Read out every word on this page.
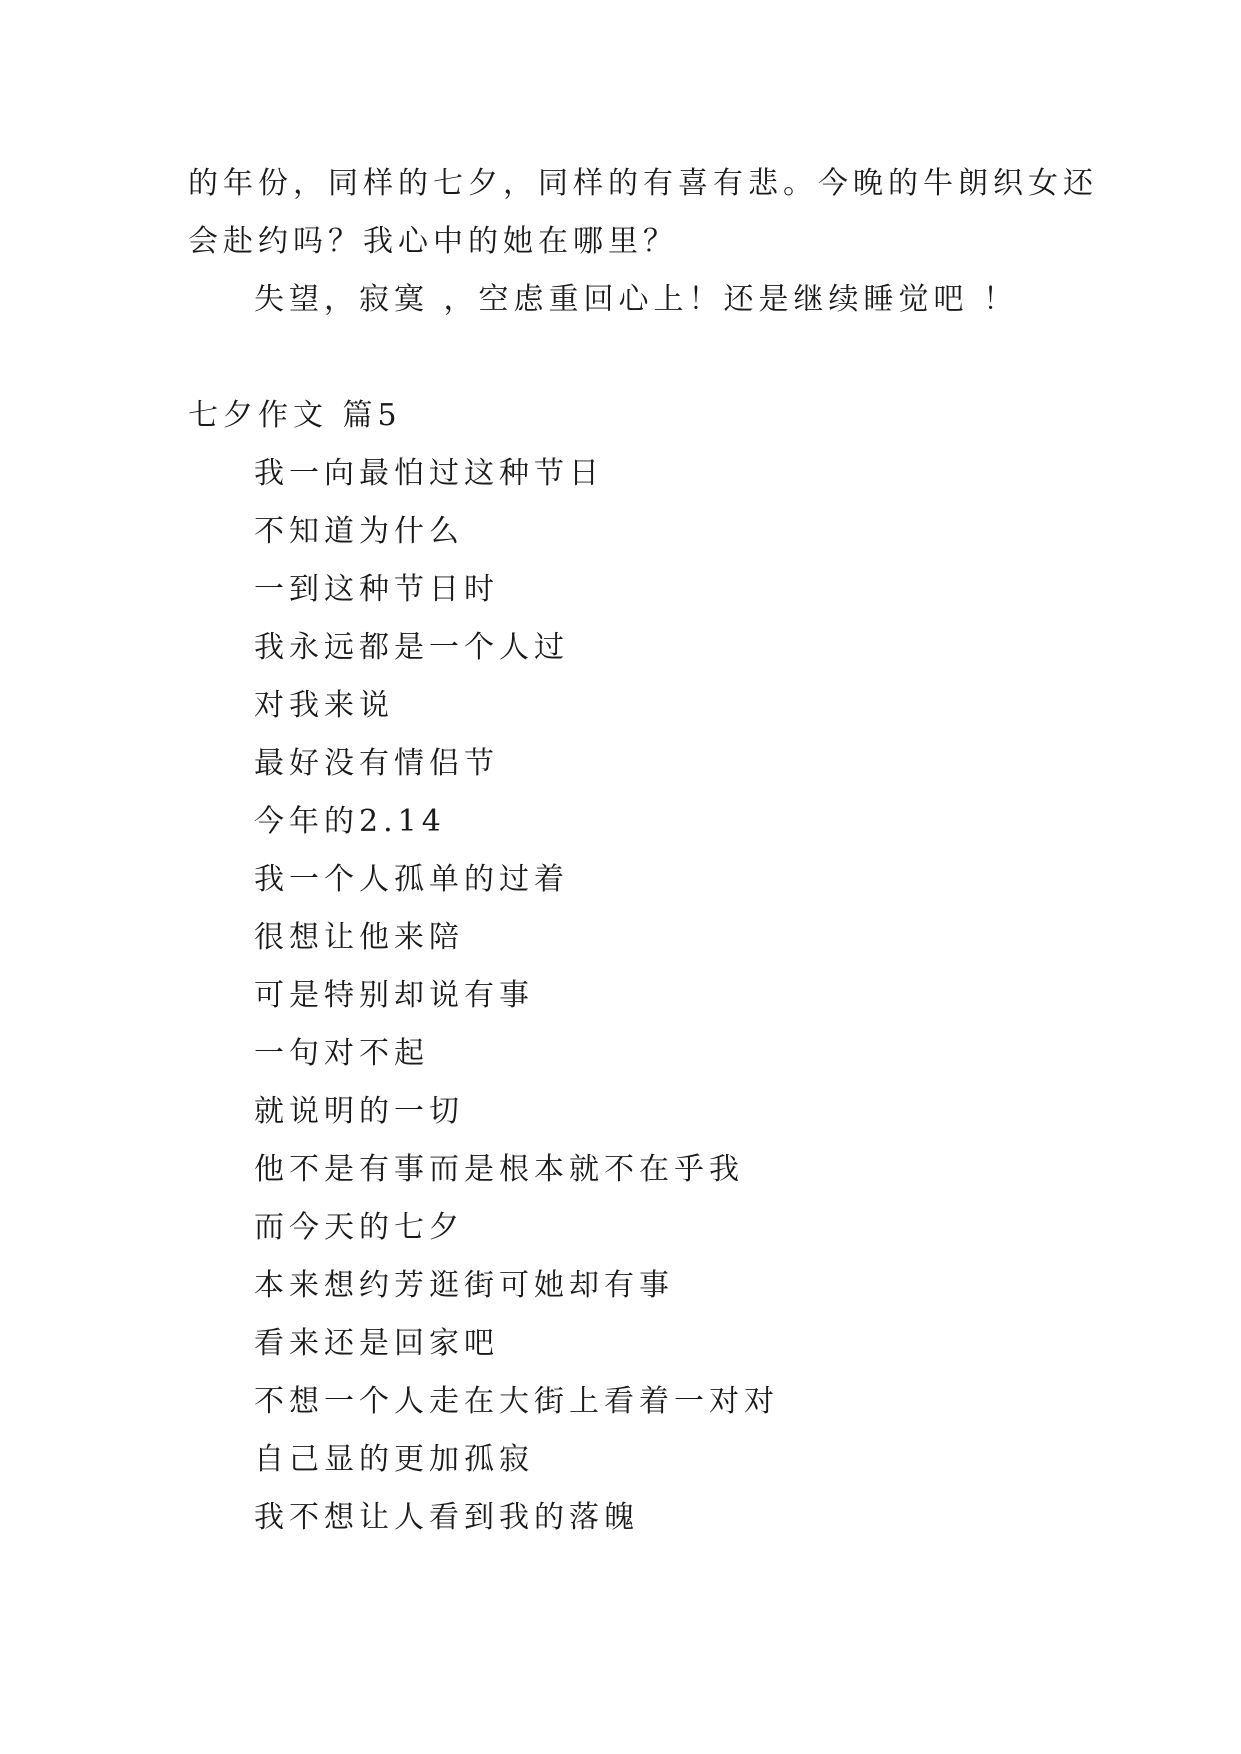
的年份，同样的七夕，同样的有喜有悲。今晚的牛朗织女还
会赴约吗？我心中的她在哪里？
失望，寂寞 ，空虑重回心上！还是继续睡觉吧 ！
七夕作文 篇5
我一向最怕过这种节日
不知道为什么
一到这种节日时
我永远都是一个人过
对我来说
最好没有情侣节
今年的2.14
我一个人孤单的过着
很想让他来陪
可是特别却说有事
一句对不起
就说明的一切
他不是有事而是根本就不在乎我
而今天的七夕
本来想约芳逛街可她却有事
看来还是回家吧
不想一个人走在大街上看着一对对
自己显的更加孤寂
我不想让人看到我的落魄
